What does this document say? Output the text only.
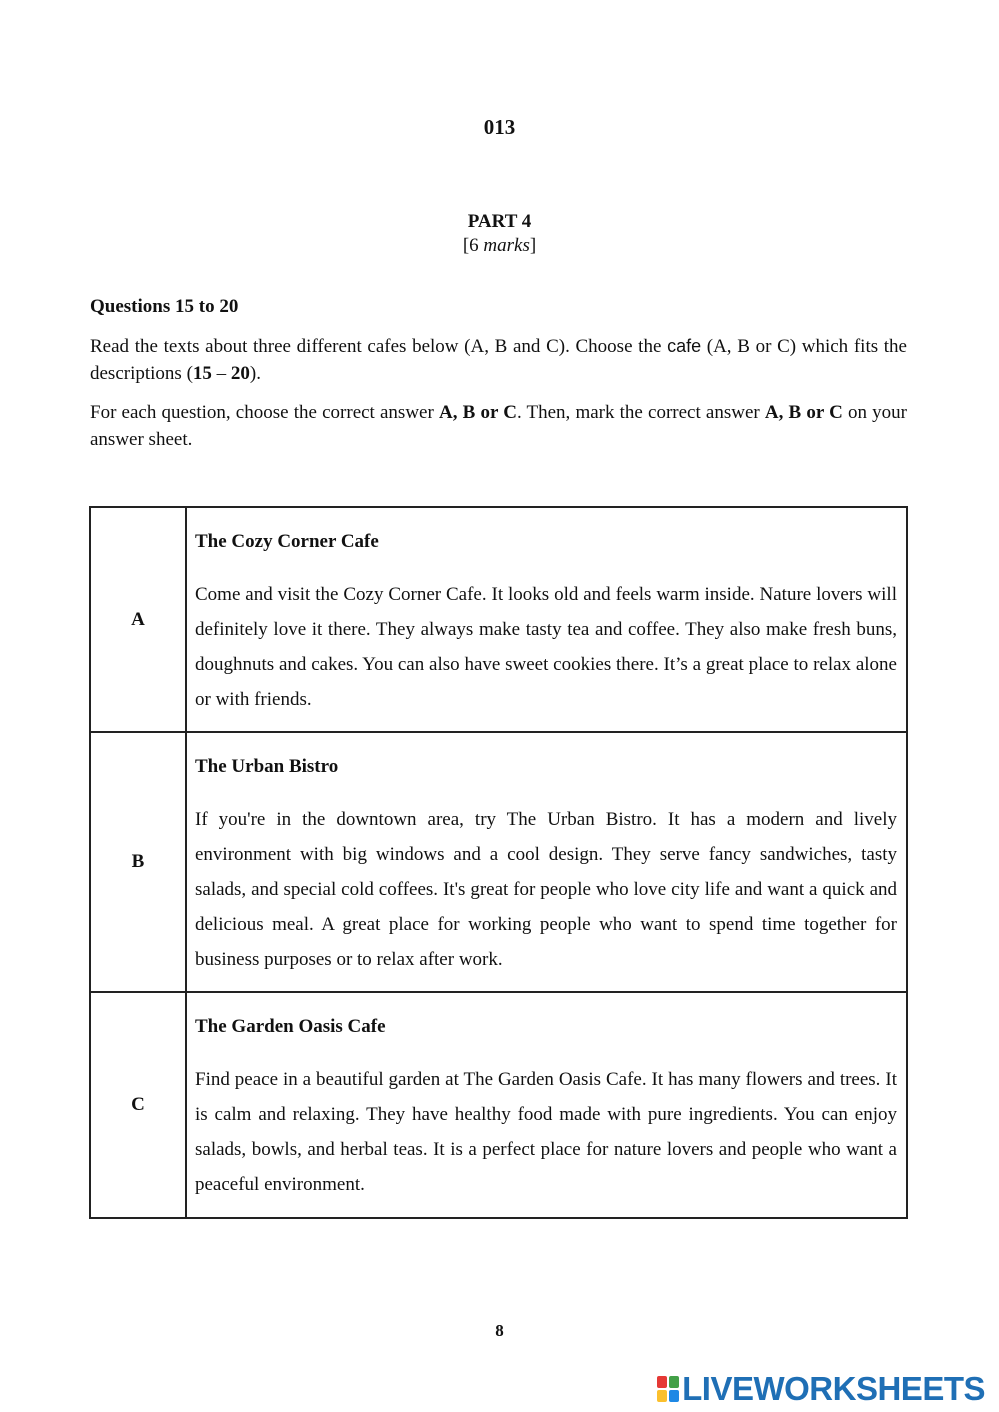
013
PART 4
[6 marks]
Questions 15 to 20
Read the texts about three different cafes below (A, B and C). Choose the cafe (A, B or C) which fits the descriptions (15 – 20).
For each question, choose the correct answer A, B or C. Then, mark the correct answer A, B or C on your answer sheet.
A	The Cozy Corner Cafe
Come and visit the Cozy Corner Cafe. It looks old and feels warm inside. Nature lovers will definitely love it there. They always make tasty tea and coffee. They also make fresh buns, doughnuts and cakes. You can also have sweet cookies there. It’s a great place to relax alone or with friends.

B	The Urban Bistro
If you're in the downtown area, try The Urban Bistro. It has a modern and lively environment with big windows and a cool design. They serve fancy sandwiches, tasty salads, and special cold coffees. It's great for people who love city life and want a quick and delicious meal. A great place for working people who want to spend time together for business purposes or to relax after work.

C	The Garden Oasis Cafe
Find peace in a beautiful garden at The Garden Oasis Cafe. It has many flowers and trees. It is calm and relaxing. They have healthy food made with pure ingredients. You can enjoy salads, bowls, and herbal teas. It is a perfect place for nature lovers and people who want a peaceful environment.
8
LIVEWORKSHEETS
